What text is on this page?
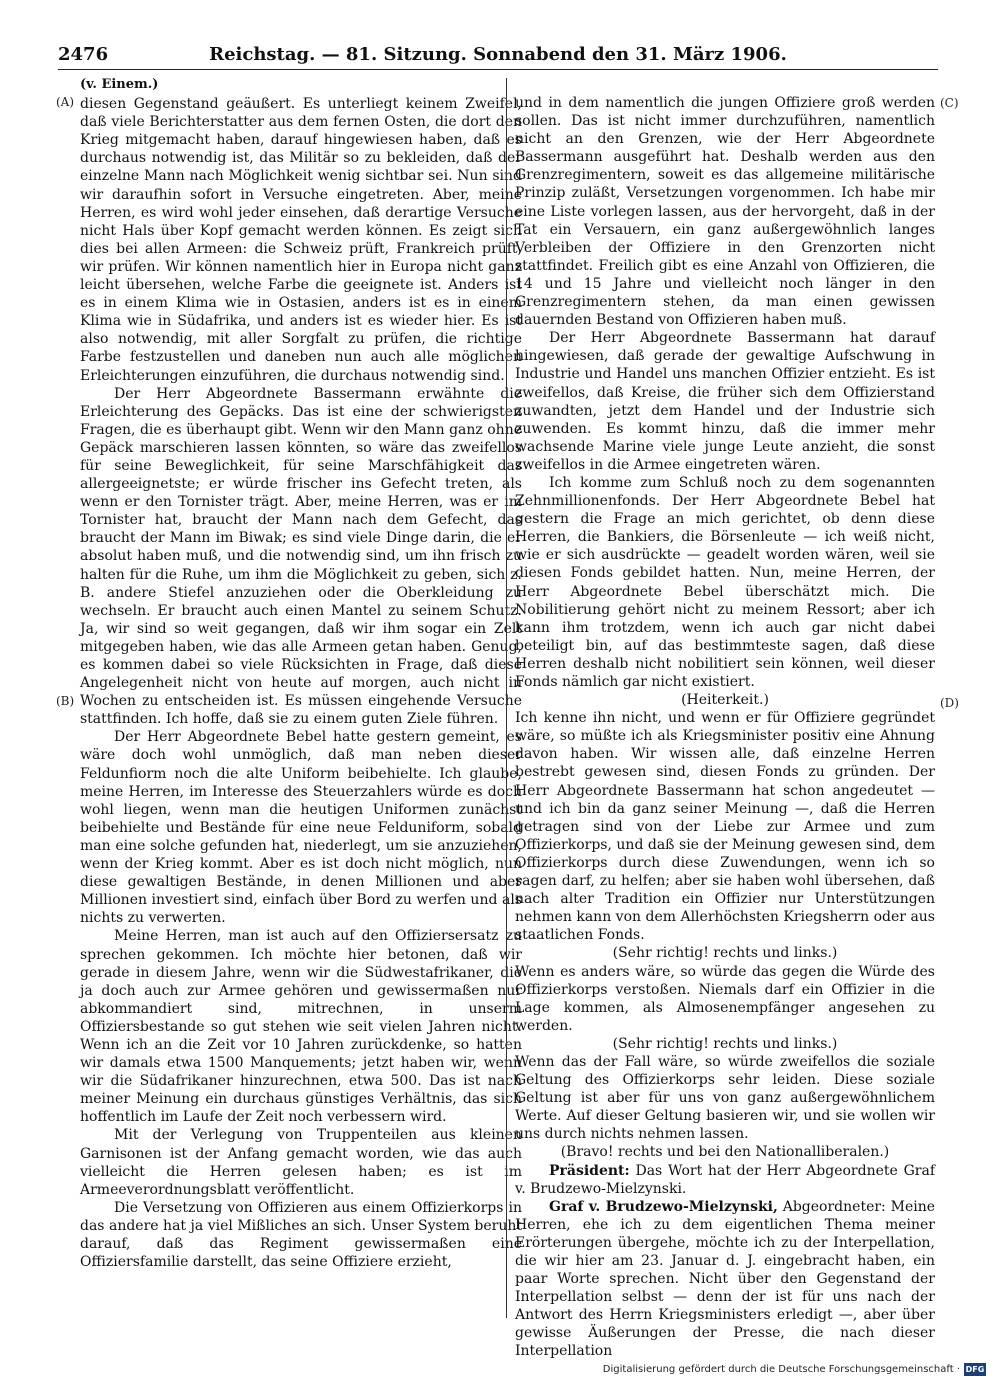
2476	Reichstag. — 81. Sitzung. Sonnabend den 31. März 1906.
(v. Einem.)

diesen Gegenstand geäußert. Es unterliegt keinem Zweifel, daß viele Berichterstatter aus dem fernen Osten, die dort den Krieg mitgemacht haben, darauf hingewiesen haben, daß es durchaus notwendig ist, das Militär so zu bekleiden, daß der einzelne Mann nach Möglichkeit wenig sichtbar sei. Nun sind wir daraufhin sofort in Versuche eingetreten. Aber, meine Herren, es wird wohl jeder einsehen, daß derartige Versuche nicht Hals über Kopf gemacht werden können. Es zeigt sich dies bei allen Armeen: die Schweiz prüft, Frankreich prüft, wir prüfen. Wir können namentlich hier in Europa nicht ganz leicht übersehen, welche Farbe die geeignete ist. Anders ist es in einem Klima wie in Ostasien, anders ist es in einem Klima wie in Südafrika, und anders ist es wieder hier. Es ist also notwendig, mit aller Sorgfalt zu prüfen, die richtige Farbe festzustellen und daneben nun auch alle möglichen Erleichterungen einzuführen, die durchaus notwendig sind.

Der Herr Abgeordnete Bassermann erwähnte die Erleichterung des Gepäcks. Das ist eine der schwierigsten Fragen, die es überhaupt gibt. Wenn wir den Mann ganz ohne Gepäck marschieren lassen könnten, so wäre das zweifellos für seine Beweglichkeit, für seine Marschfähigkeit das allergeeignetste; er würde frischer ins Gefecht treten, als wenn er den Tornister trägt. Aber, meine Herren, was er im Tornister hat, braucht der Mann nach dem Gefecht, das braucht der Mann im Biwak; es sind viele Dinge darin, die er absolut haben muß, und die notwendig sind, um ihn frisch zu halten für die Ruhe, um ihm die Möglichkeit zu geben, sich z. B. andere Stiefel anzuziehen oder die Oberkleidung zu wechseln. Er braucht auch einen Mantel zu seinem Schutz. Ja, wir sind so weit gegangen, daß wir ihm sogar ein Zelt mitgegeben haben, wie das alle Armeen getan haben. Genug, es kommen dabei so viele Rücksichten in Frage, daß diese Angelegenheit nicht von heute auf morgen, auch nicht in Wochen zu entscheiden ist. Es müssen eingehende Versuche stattfinden. Ich hoffe, daß sie zu einem guten Ziele führen.

Der Herr Abgeordnete Bebel hatte gestern gemeint, es wäre doch wohl unmöglich, daß man neben dieser Feldunfiorm noch die alte Uniform beibehielte. Ich glaube, meine Herren, im Interesse des Steuerzahlers würde es doch wohl liegen, wenn man die heutigen Uniformen zunächst beibehielte und Bestände für eine neue Felduniform, sobald man eine solche gefunden hat, niederlegt, um sie anzuziehen, wenn der Krieg kommt. Aber es ist doch nicht möglich, nun diese gewaltigen Bestände, in denen Millionen und aber Millionen investiert sind, einfach über Bord zu werfen und als nichts zu verwerten.

Meine Herren, man ist auch auf den Offiziersersatz zu sprechen gekommen. Ich möchte hier betonen, daß wir gerade in diesem Jahre, wenn wir die Südwestafrikaner, die ja doch auch zur Armee gehören und gewissermaßen nur abkommandiert sind, mitrechnen, in unserm Offiziersbestande so gut stehen wie seit vielen Jahren nicht. Wenn ich an die Zeit vor 10 Jahren zurückdenke, so hatten wir damals etwa 1500 Manquements; jetzt haben wir, wenn wir die Südafrikaner hinzurechnen, etwa 500. Das ist nach meiner Meinung ein durchaus günstiges Verhältnis, das sich hoffentlich im Laufe der Zeit noch verbessern wird.

Mit der Verlegung von Truppenteilen aus kleinen Garnisonen ist der Anfang gemacht worden, wie das auch vielleicht die Herren gelesen haben; es ist im Armeeverordnungsblatt veröffentlicht.

Die Versetzung von Offizieren aus einem Offizierkorps in das andere hat ja viel Mißliches an sich. Unser System beruht darauf, daß das Regiment gewissermaßen eine Offiziersfamilie darstellt, das seine Offiziere erzieht,

und in dem namentlich die jungen Offiziere groß werden sollen. Das ist nicht immer durchzuführen, namentlich nicht an den Grenzen, wie der Herr Abgeordnete Bassermann ausgeführt hat. Deshalb werden aus den Grenzregimentern, soweit es das allgemeine militärische Prinzip zuläßt, Versetzungen vorgenommen. Ich habe mir eine Liste vorlegen lassen, aus der hervorgeht, daß in der Tat ein Versauern, ein ganz außergewöhnlich langes Verbleiben der Offiziere in den Grenzorten nicht stattfindet. Freilich gibt es eine Anzahl von Offizieren, die 14 und 15 Jahre und vielleicht noch länger in den Grenzregimentern stehen, da man einen gewissen dauernden Bestand von Offizieren haben muß.

Der Herr Abgeordnete Bassermann hat darauf hingewiesen, daß gerade der gewaltige Aufschwung in Industrie und Handel uns manchen Offizier entzieht. Es ist zweifellos, daß Kreise, die früher sich dem Offizierstand zuwandten, jetzt dem Handel und der Industrie sich zuwenden. Es kommt hinzu, daß die immer mehr wachsende Marine viele junge Leute anzieht, die sonst zweifellos in die Armee eingetreten wären.

Ich komme zum Schluß noch zu dem sogenannten Zehnmillionenfonds. Der Herr Abgeordnete Bebel hat gestern die Frage an mich gerichtet, ob denn diese Herren, die Bankiers, die Börsenleute — ich weiß nicht, wie er sich ausdrückte — geadelt worden wären, weil sie diesen Fonds gebildet hatten. Nun, meine Herren, der Herr Abgeordnete Bebel überschätzt mich. Die Nobilitierung gehört nicht zu meinem Ressort; aber ich kann ihm trotzdem, wenn ich auch gar nicht dabei beteiligt bin, auf das bestimmteste sagen, daß diese Herren deshalb nicht nobilitiert sein können, weil dieser Fonds nämlich gar nicht existiert.

(Heiterkeit.)

Ich kenne ihn nicht, und wenn er für Offiziere gegründet wäre, so müßte ich als Kriegsminister positiv eine Ahnung davon haben. Wir wissen alle, daß einzelne Herren bestrebt gewesen sind, diesen Fonds zu gründen. Der Herr Abgeordnete Bassermann hat schon angedeutet — und ich bin da ganz seiner Meinung —, daß die Herren getragen sind von der Liebe zur Armee und zum Offizierkorps, und daß sie der Meinung gewesen sind, dem Offizierkorps durch diese Zuwendungen, wenn ich so sagen darf, zu helfen; aber sie haben wohl übersehen, daß nach alter Tradition ein Offizier nur Unterstützungen nehmen kann von dem Allerhöchsten Kriegsherrn oder aus staatlichen Fonds.

(Sehr richtig! rechts und links.)

Wenn es anders wäre, so würde das gegen die Würde des Offizierkorps verstoßen. Niemals darf ein Offizier in die Lage kommen, als Almosenempfänger angesehen zu werden.

(Sehr richtig! rechts und links.)

Wenn das der Fall wäre, so würde zweifellos die soziale Geltung des Offizierkorps sehr leiden. Diese soziale Geltung ist aber für uns von ganz außergewöhnlichem Werte. Auf dieser Geltung basieren wir, und sie wollen wir uns durch nichts nehmen lassen.

(Bravo! rechts und bei den Nationalliberalen.)

Präsident: Das Wort hat der Herr Abgeordnete Graf v. Brudzewo-Mielzynski.

Graf v. Brudzewo-Mielzynski, Abgeordneter: Meine Herren, ehe ich zu dem eigentlichen Thema meiner Erörterungen übergehe, möchte ich zu der Interpellation, die wir hier am 23. Januar d. J. eingebracht haben, ein paar Worte sprechen. Nicht über den Gegenstand der Interpellation selbst — denn der ist für uns nach der Antwort des Herrn Kriegsministers erledigt —, aber über gewisse Äußerungen der Presse, die nach dieser Interpellation

(A)
(B)
(C)
(D)
Digitalisierung gefördert durch die Deutsche Forschungsgemeinschaft · DFG
